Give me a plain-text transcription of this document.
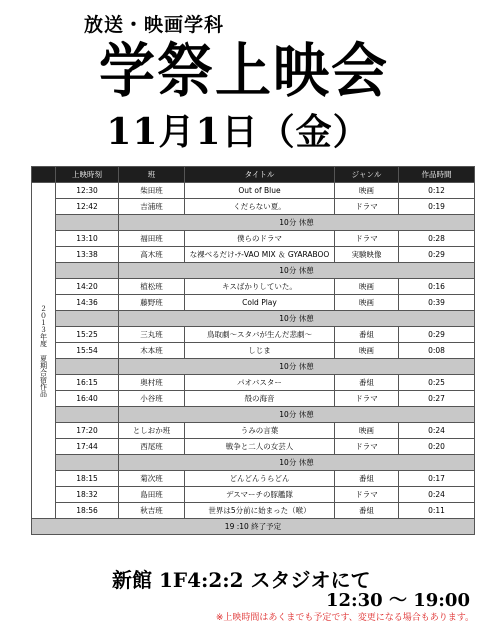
放送・映画学科
学祭上映会
11月1日（金）
	上映時刻	班	タイトル	ジャンル	作品時間

２０１３年度 夏期合宿作品	12:30	柴田班	Out of Blue	映画	0:12
	12:42	吉浦班	くだらない夏。	ドラマ	0:19
		10分 休憩			
	13:10	福田班	僕らのドラマ	ドラマ	0:28
	13:38	高木班	な裸べるだけ-ﾃ-VAO MIX ＆ GYARABOO	実験映像	0:29
		10分 休憩			
	14:20	植松班	キスばかりしていた。	映画	0:16
	14:36	藤野班	Cold Play	映画	0:39
		10分 休憩			
	15:25	三丸班	鳥取劇～スタバが生んだ悲劇～	番組	0:29
	15:54	木本班	しじま	映画	0:08
		10分 休憩			
	16:15	奥村班	パオバスター	番組	0:25
	16:40	小谷班	殻の海音	ドラマ	0:27
		10分 休憩			
	17:20	としおか班	うみの言葉	映画	0:24
	17:44	西尾班	戦争と二人の女芸人	ドラマ	0:20
		10分 休憩			
	18:15	菊次班	どんどんうらどん	番組	0:17
	18:32	島田班	デスマーチの豚艦隊	ドラマ	0:24
	18:56	秋吉班	世界は5分前に始まった（喉）	番組	0:11
19 :10 終了予定					
新館 1F4:2:2 スタジオにて
12:30 ～ 19:00
※上映時間はあくまでも予定です、変更になる場合もあります。
